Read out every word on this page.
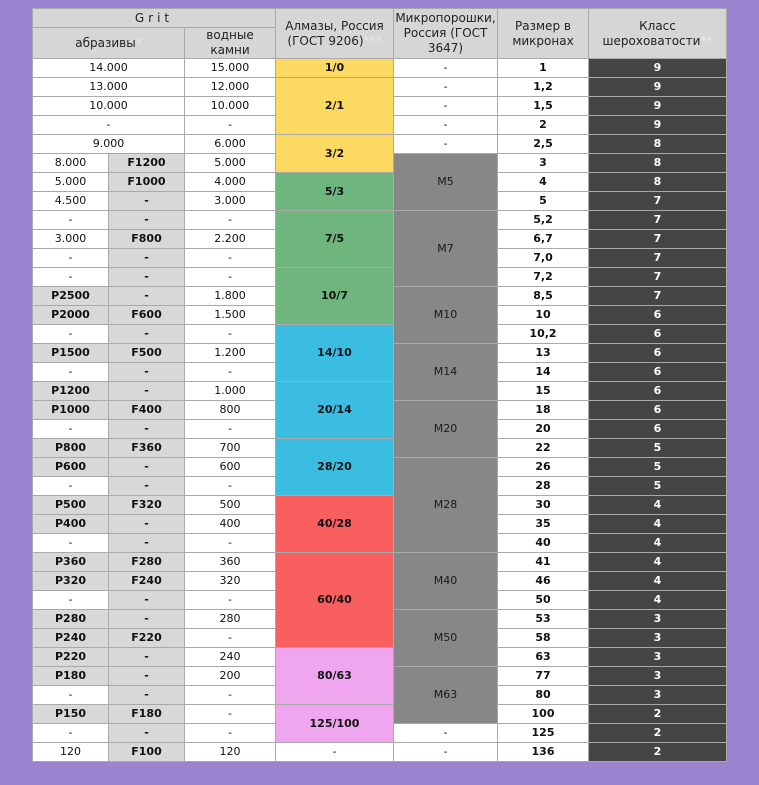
Grit			Алмазы, Россия (ГОСТ 9206)***	Микропорошки, Россия (ГОСТ 3647)	Размер в микронах	Класс шероховатости**
абразивы*		водные камни				
14.000		15.000	1/0	-	1	9
13.000		12.000	2/1	-	1,2	9
10.000		10.000		-	1,5	9
-		-		-	2	9
9.000		6.000	3/2	-	2,5	8
8.000	F1200	5.000		M5	3	8
5.000	F1000	4.000	5/3		4	8
4.500	-	3.000			5	7
-	-	-	7/5	M7	5,2	7
3.000	F800	2.200			6,7	7
-	-	-			7,0	7
-	-	-	10/7		7,2	7
P2500	-	1.800		M10	8,5	7
P2000	F600	1.500			10	6
-	-	-	14/10		10,2	6
P1500	F500	1.200		M14	13	6
-	-	-			14	6
P1200	-	1.000	20/14		15	6
P1000	F400	800		M20	18	6
-	-	-			20	6
P800	F360	700	28/20		22	5
P600	-	600		M28	26	5
-	-	-			28	5
P500	F320	500	40/28		30	4
P400	-	400			35	4
-	-	-			40	4
P360	F280	360	60/40	M40	41	4
P320	F240	320			46	4
-	-	-			50	4
P280	-	280		M50	53	3
P240	F220	-			58	3
P220	-	240	80/63		63	3
P180	-	200		M63	77	3
-	-	-			80	3
P150	F180	-	125/100		100	2
-	-	-		-	125	2
120	F100	120	-	-	136	2
